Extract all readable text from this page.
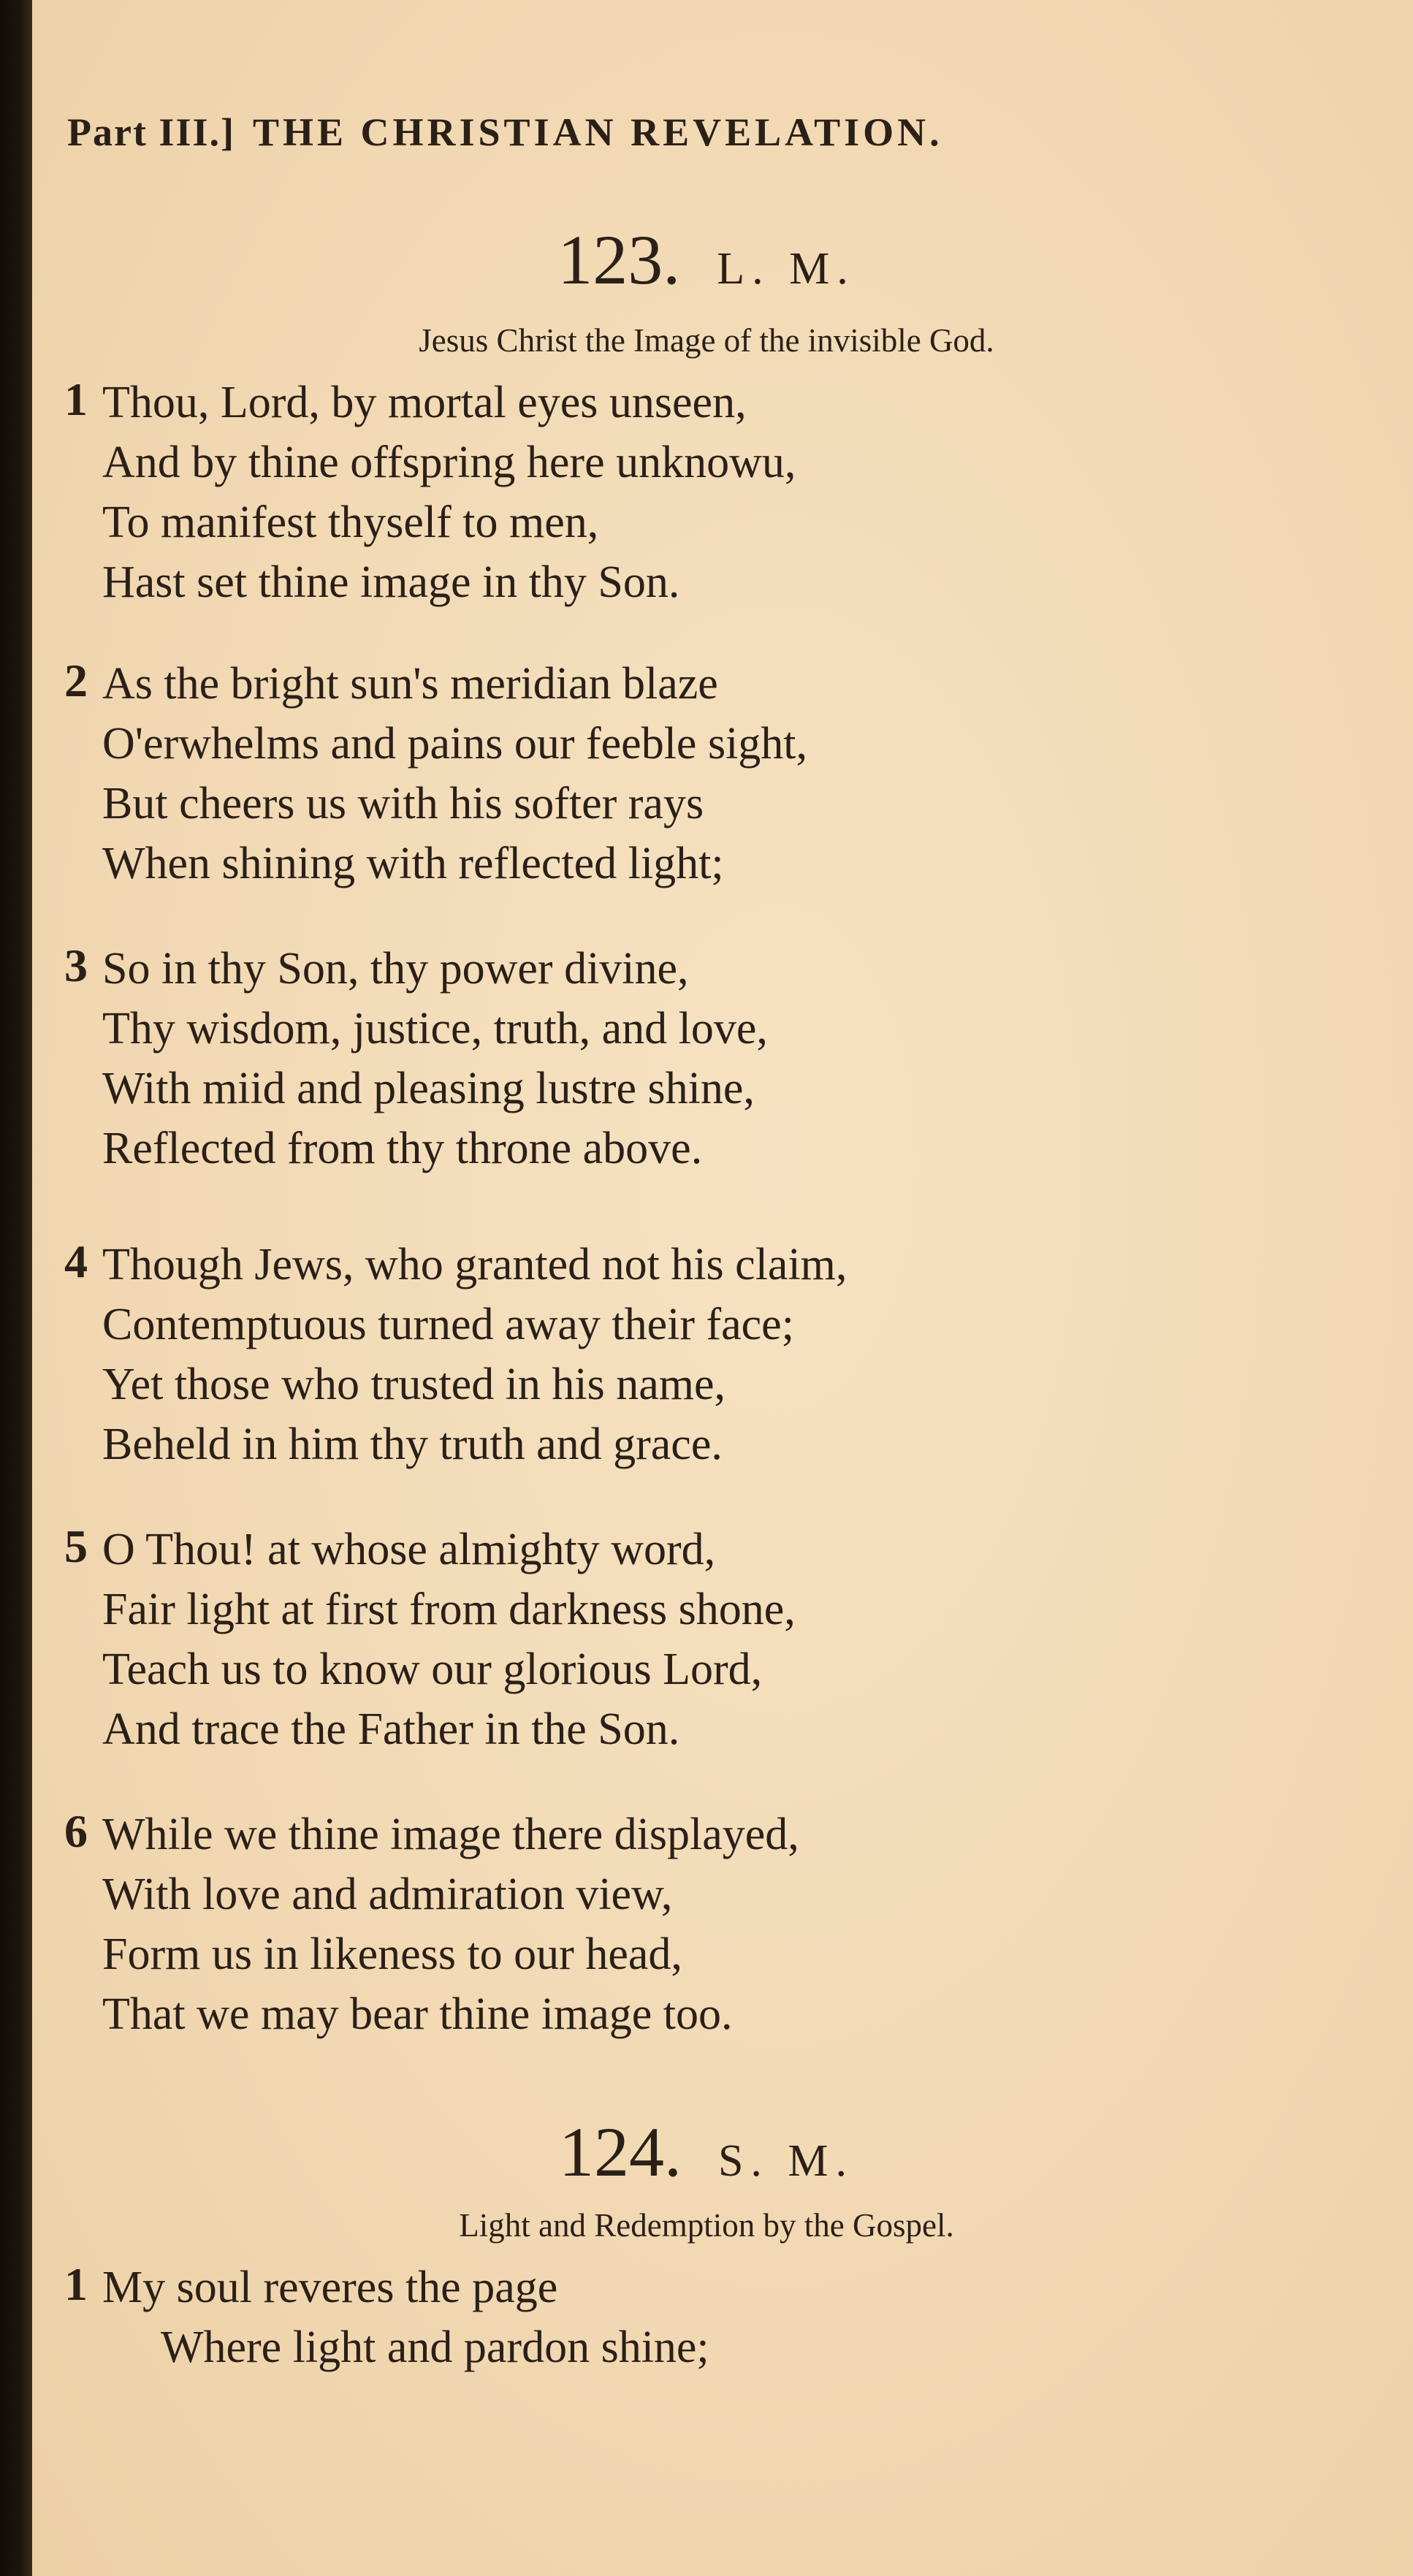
Part III.] THE CHRISTIAN REVELATION.
123. L. M.
Jesus Christ the Image of the invisible God.
1 Thou, Lord, by mortal eyes unseen,
And by thine offspring here unknowu,
To manifest thyself to men,
Hast set thine image in thy Son.
2 As the bright sun's meridian blaze
O'erwhelms and pains our feeble sight,
But cheers us with his softer rays
When shining with reflected light;
3 So in thy Son, thy power divine,
Thy wisdom, justice, truth, and love,
With miid and pleasing lustre shine,
Reflected from thy throne above.
4 Though Jews, who granted not his claim,
Contemptuous turned away their face;
Yet those who trusted in his name,
Beheld in him thy truth and grace.
5 O Thou! at whose almighty word,
Fair light at first from darkness shone,
Teach us to know our glorious Lord,
And trace the Father in the Son.
6 While we thine image there displayed,
With love and admiration view,
Form us in likeness to our head,
That we may bear thine image too.
124. S. M.
Light and Redemption by the Gospel.
1 My soul reveres the page
Where light and pardon shine;
